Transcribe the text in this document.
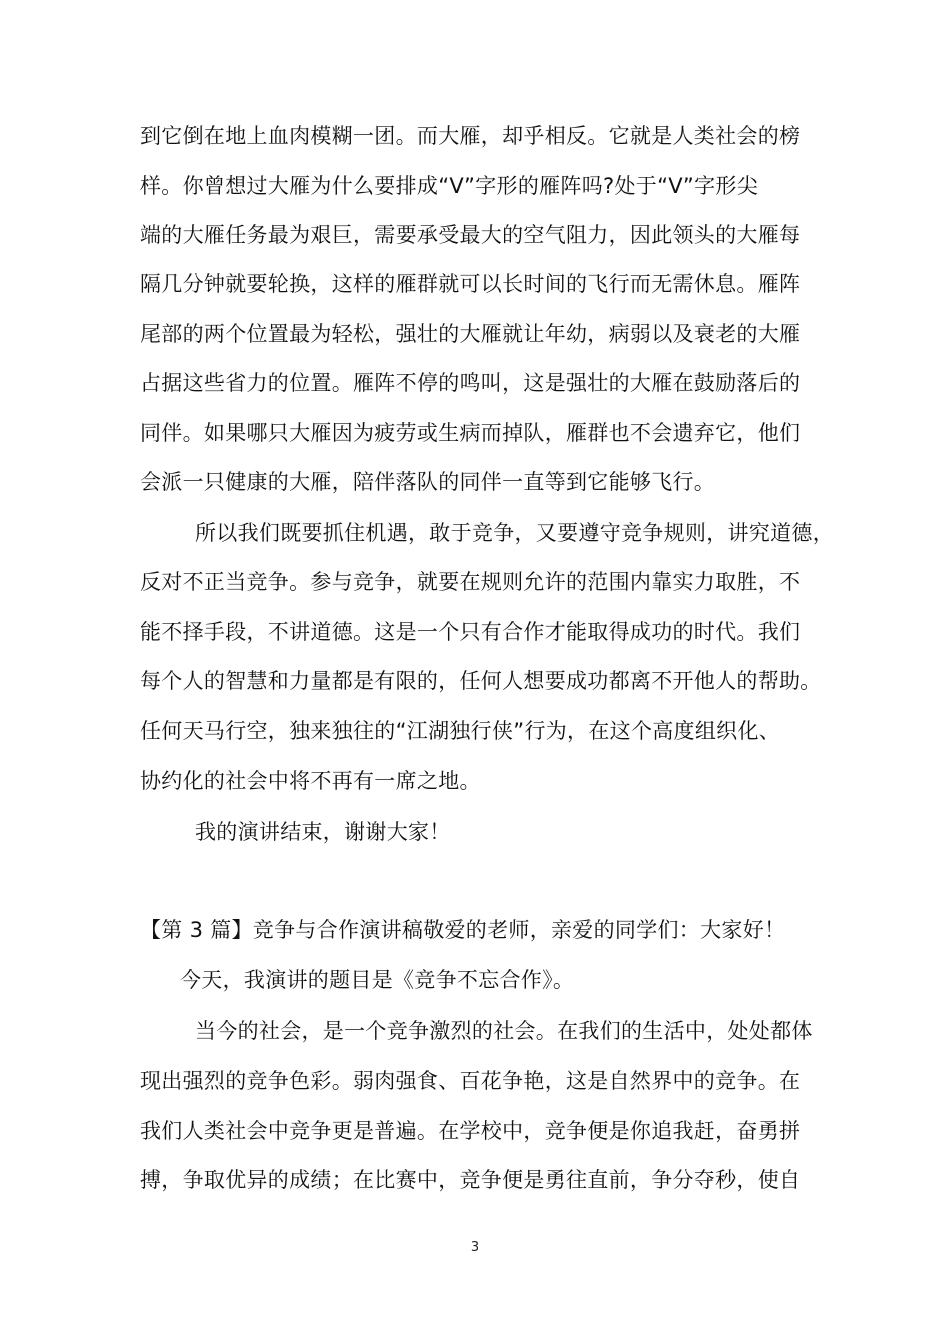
到它倒在地上血肉模糊一团。而大雁，却乎相反。它就是人类社会的榜
样。你曾想过大雁为什么要排成“V”字形的雁阵吗?处于“V”字形尖
端的大雁任务最为艰巨，需要承受最大的空气阻力，因此领头的大雁每
隔几分钟就要轮换，这样的雁群就可以长时间的飞行而无需休息。雁阵
尾部的两个位置最为轻松，强壮的大雁就让年幼，病弱以及衰老的大雁
占据这些省力的位置。雁阵不停的鸣叫，这是强壮的大雁在鼓励落后的
同伴。如果哪只大雁因为疲劳或生病而掉队，雁群也不会遗弃它，他们
会派一只健康的大雁，陪伴落队的同伴一直等到它能够飞行。
所以我们既要抓住机遇，敢于竞争，又要遵守竞争规则，讲究道德，
反对不正当竞争。参与竞争，就要在规则允许的范围内靠实力取胜，不
能不择手段，不讲道德。这是一个只有合作才能取得成功的时代。我们
每个人的智慧和力量都是有限的，任何人想要成功都离不开他人的帮助。
任何天马行空，独来独往的“江湖独行侠”行为，在这个高度组织化、
协约化的社会中将不再有一席之地。
我的演讲结束，谢谢大家！
【第 3 篇】竞争与合作演讲稿敬爱的老师，亲爱的同学们：大家好！
今天，我演讲的题目是《竞争不忘合作》。
当今的社会，是一个竞争激烈的社会。在我们的生活中，处处都体
现出强烈的竞争色彩。弱肉强食、百花争艳，这是自然界中的竞争。在
我们人类社会中竞争更是普遍。在学校中，竞争便是你追我赶，奋勇拼
搏，争取优异的成绩；在比赛中，竞争便是勇往直前，争分夺秒，使自
3
